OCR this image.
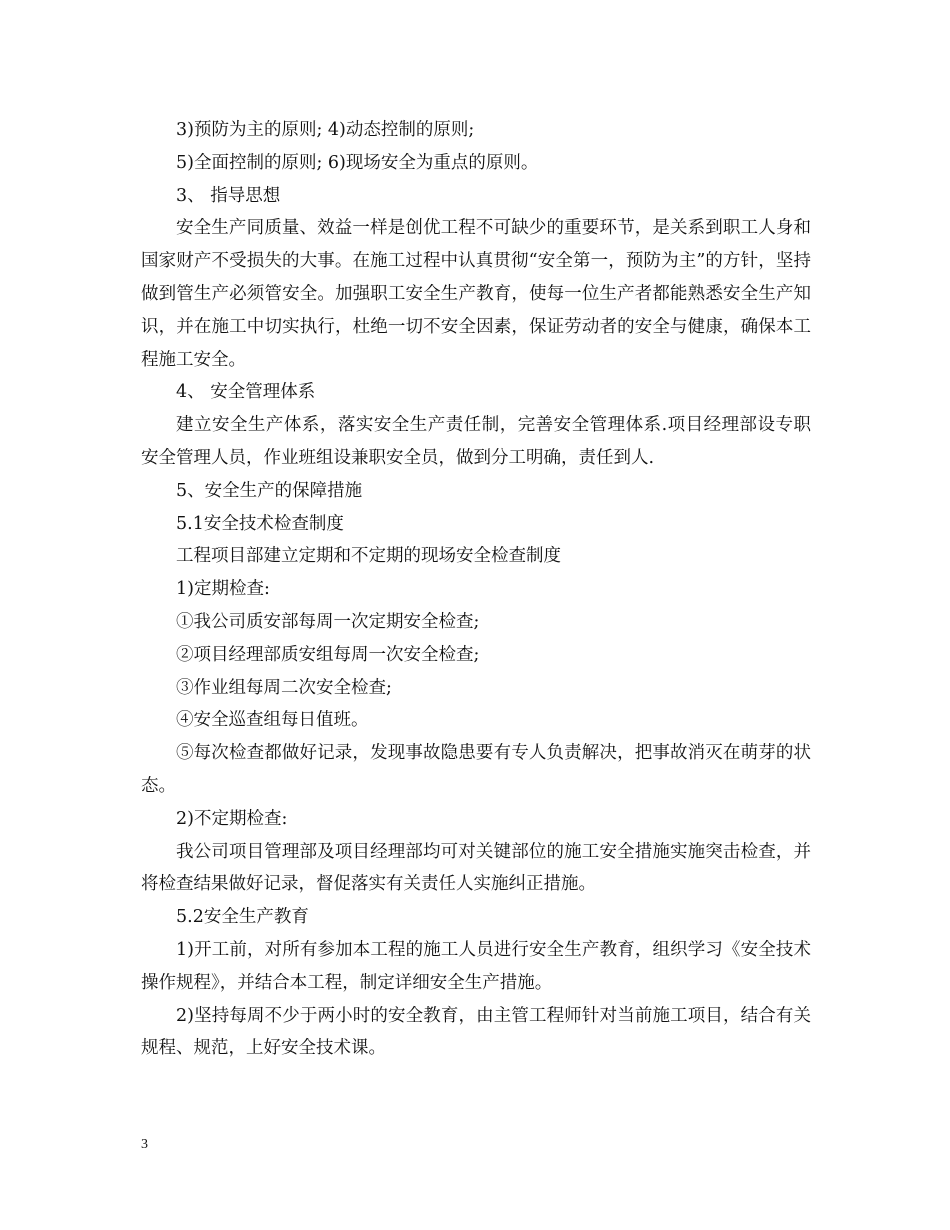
3)预防为主的原则; 4)动态控制的原则;

5)全面控制的原则; 6)现场安全为重点的原则。

3、 指导思想

安全生产同质量、效益一样是创优工程不可缺少的重要环节，是关系到职工人身和国家财产不受损失的大事。在施工过程中认真贯彻“安全第一，预防为主”的方针，坚持做到管生产必须管安全。加强职工安全生产教育，使每一位生产者都能熟悉安全生产知识，并在施工中切实执行，杜绝一切不安全因素，保证劳动者的安全与健康，确保本工程施工安全。

4、 安全管理体系

建立安全生产体系，落实安全生产责任制，完善安全管理体系.项目经理部设专职安全管理人员，作业班组设兼职安全员，做到分工明确，责任到人.

5、安全生产的保障措施

5.1安全技术检查制度

工程项目部建立定期和不定期的现场安全检查制度

1)定期检查:

①我公司质安部每周一次定期安全检查;

②项目经理部质安组每周一次安全检查;

③作业组每周二次安全检查;

④安全巡查组每日值班。

⑤每次检查都做好记录，发现事故隐患要有专人负责解决，把事故消灭在萌芽的状态。

2)不定期检查:

我公司项目管理部及项目经理部均可对关键部位的施工安全措施实施突击检查，并将检查结果做好记录，督促落实有关责任人实施纠正措施。

5.2安全生产教育

1)开工前，对所有参加本工程的施工人员进行安全生产教育，组织学习《安全技术操作规程》，并结合本工程，制定详细安全生产措施。

2)坚持每周不少于两小时的安全教育，由主管工程师针对当前施工项目，结合有关规程、规范，上好安全技术课。

3
